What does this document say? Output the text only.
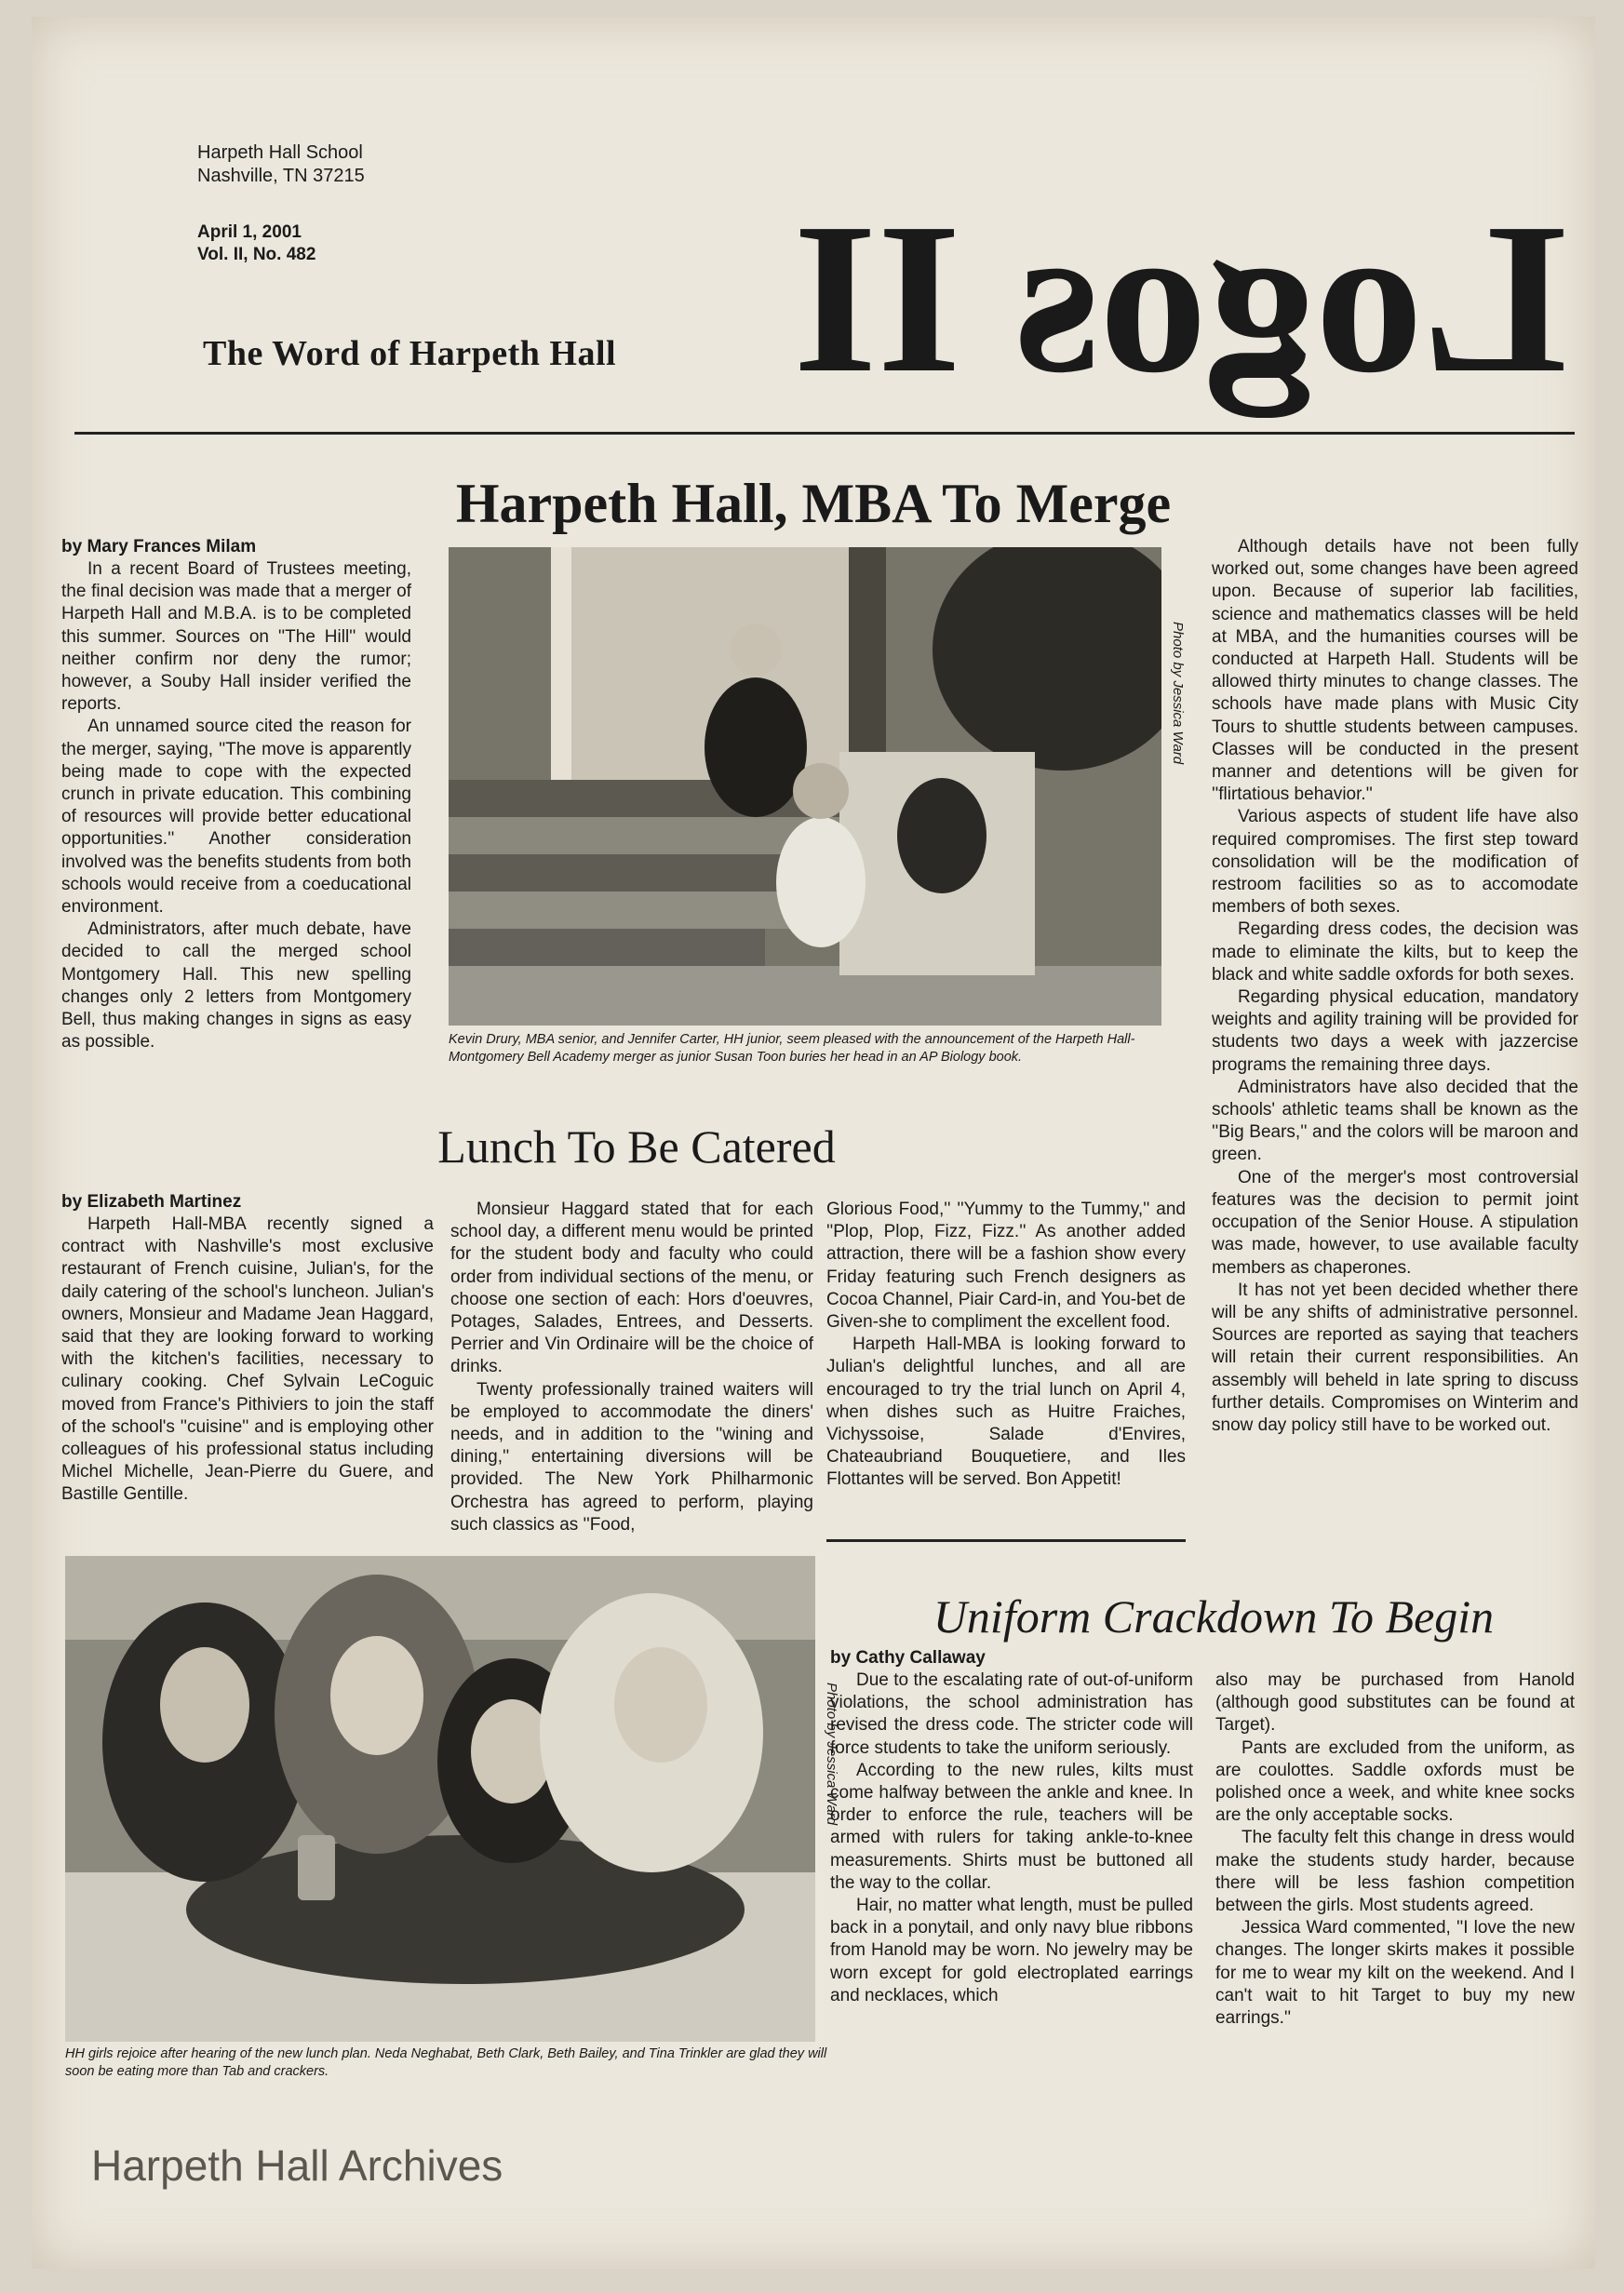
Harpeth Hall School
Nashville, TN 37215
April 1, 2001
Vol. II, No. 482
The Word of Harpeth Hall Logos II
Harpeth Hall, MBA To Merge

by Mary Frances Milam

In a recent Board of Trustees meeting, the final decision was made that a merger of Harpeth Hall and M.B.A. is to be completed this summer. Sources on ''The Hill'' would neither confirm nor deny the rumor; however, a Souby Hall insider verified the reports.

An unnamed source cited the reason for the merger, saying, ''The move is apparently being made to cope with the expected crunch in private education. This combining of resources will provide better educational opportunities.'' Another consideration involved was the benefits students from both schools would receive from a coeducational environment.

Administrators, after much debate, have decided to call the merged school Montgomery Hall. This new spelling changes only 2 letters from Montgomery Bell, thus making changes in signs as easy as possible.

Photo by Jessica Ward
Kevin Drury, MBA senior, and Jennifer Carter, HH junior, seem pleased with the announcement of the Harpeth Hall-Montgomery Bell Academy merger as junior Susan Toon buries her head in an AP Biology book.

Although details have not been fully worked out, some changes have been agreed upon. Because of superior lab facilities, science and mathematics classes will be held at MBA, and the humanities courses will be conducted at Harpeth Hall. Students will be allowed thirty minutes to change classes. The schools have made plans with Music City Tours to shuttle students between campuses. Classes will be conducted in the present manner and detentions will be given for ''flirtatious behavior.''

Various aspects of student life have also required compromises. The first step toward consolidation will be the modification of restroom facilities so as to accomodate members of both sexes.

Regarding dress codes, the decision was made to eliminate the kilts, but to keep the black and white saddle oxfords for both sexes.

Regarding physical education, mandatory weights and agility training will be provided for students two days a week with jazzercise programs the remaining three days.

Administrators have also decided that the schools' athletic teams shall be known as the ''Big Bears,'' and the colors will be maroon and green.

One of the merger's most controversial features was the decision to permit joint occupation of the Senior House. A stipulation was made, however, to use available faculty members as chaperones.

It has not yet been decided whether there will be any shifts of administrative personnel. Sources are reported as saying that teachers will retain their current responsibilities. An assembly will beheld in late spring to discuss further details. Compromises on Winterim and snow day policy still have to be worked out.

Lunch To Be Catered

by Elizabeth Martinez

Harpeth Hall-MBA recently signed a contract with Nashville's most exclusive restaurant of French cuisine, Julian's, for the daily catering of the school's luncheon. Julian's owners, Monsieur and Madame Jean Haggard, said that they are looking forward to working with the kitchen's facilities, necessary to culinary cooking. Chef Sylvain LeCoguic moved from France's Pithiviers to join the staff of the school's ''cuisine'' and is employing other colleagues of his professional status including Michel Michelle, Jean-Pierre du Guere, and Bastille Gentille.

Monsieur Haggard stated that for each school day, a different menu would be printed for the student body and faculty who could order from individual sections of the menu, or choose one section of each: Hors d'oeuvres, Potages, Salades, Entrees, and Desserts. Perrier and Vin Ordinaire will be the choice of drinks.

Twenty professionally trained waiters will be employed to accommodate the diners' needs, and in addition to the ''wining and dining,'' entertaining diversions will be provided. The New York Philharmonic Orchestra has agreed to perform, playing such classics as ''Food,

Glorious Food,'' ''Yummy to the Tummy,'' and ''Plop, Plop, Fizz, Fizz.'' As another added attraction, there will be a fashion show every Friday featuring such French designers as Cocoa Channel, Piair Card-in, and You-bet de Given-she to compliment the excellent food.

Harpeth Hall-MBA is looking forward to Julian's delightful lunches, and all are encouraged to try the trial lunch on April 4, when dishes such as Huitre Fraiches, Vichyssoise, Salade d'Envires, Chateaubriand Bouquetiere, and Iles Flottantes will be served. Bon Appetit!

Photo by Jessica Ward
HH girls rejoice after hearing of the new lunch plan. Neda Neghabat, Beth Clark, Beth Bailey, and Tina Trinkler are glad they will soon be eating more than Tab and crackers.
Uniform Crackdown To Begin

by Cathy Callaway

Due to the escalating rate of out-of-uniform violations, the school administration has revised the dress code. The stricter code will force students to take the uniform seriously.

According to the new rules, kilts must come halfway between the ankle and knee. In order to enforce the rule, teachers will be armed with rulers for taking ankle-to-knee measurements. Shirts must be buttoned all the way to the collar.

Hair, no matter what length, must be pulled back in a ponytail, and only navy blue ribbons from Hanold may be worn. No jewelry may be worn except for gold electroplated earrings and necklaces, which

also may be purchased from Hanold (although good substitutes can be found at Target).

Pants are excluded from the uniform, as are coulottes. Saddle oxfords must be polished once a week, and white knee socks are the only acceptable socks.

The faculty felt this change in dress would make the students study harder, because there will be less fashion competition between the girls. Most students agreed.

Jessica Ward commented, ''I love the new changes. The longer skirts makes it possible for me to wear my kilt on the weekend. And I can't wait to hit Target to buy my new earrings.''

Harpeth Hall Archives
